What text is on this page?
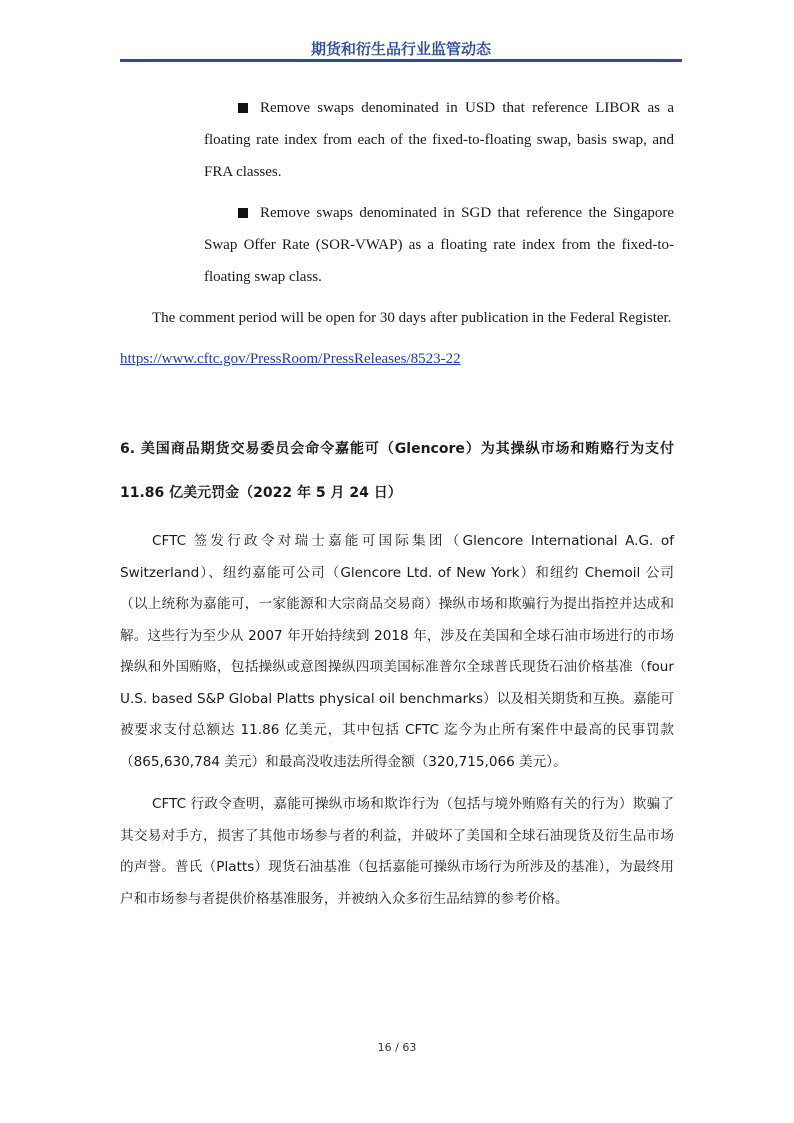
期货和衍生品行业监管动态

Remove swaps denominated in USD that reference LIBOR as a floating rate index from each of the fixed-to-floating swap, basis swap, and FRA classes.

Remove swaps denominated in SGD that reference the Singapore Swap Offer Rate (SOR-VWAP) as a floating rate index from the fixed-to-floating swap class.

The comment period will be open for 30 days after publication in the Federal Register.

https://www.cftc.gov/PressRoom/PressReleases/8523-22

6. 美国商品期货交易委员会命令嘉能可（Glencore）为其操纵市场和贿赂行为支付 11.86 亿美元罚金（2022 年 5 月 24 日）

CFTC 签发行政令对瑞士嘉能可国际集团（Glencore International A.G. of Switzerland）、纽约嘉能可公司（Glencore Ltd. of New York）和纽约 Chemoil 公司（以上统称为嘉能可，一家能源和大宗商品交易商）操纵市场和欺骗行为提出指控并达成和解。这些行为至少从 2007 年开始持续到 2018 年，涉及在美国和全球石油市场进行的市场操纵和外国贿赂，包括操纵或意图操纵四项美国标准普尔全球普氏现货石油价格基准（four U.S. based S&P Global Platts physical oil benchmarks）以及相关期货和互换。嘉能可被要求支付总额达 11.86 亿美元，其中包括 CFTC 迄今为止所有案件中最高的民事罚款（865,630,784 美元）和最高没收违法所得金额（320,715,066 美元）。

CFTC 行政令查明，嘉能可操纵市场和欺诈行为（包括与境外贿赂有关的行为）欺骗了其交易对手方，损害了其他市场参与者的利益，并破坏了美国和全球石油现货及衍生品市场的声誉。普氏（Platts）现货石油基准（包括嘉能可操纵市场行为所涉及的基准），为最终用户和市场参与者提供价格基准服务，并被纳入众多衍生品结算的参考价格。

16 / 63
